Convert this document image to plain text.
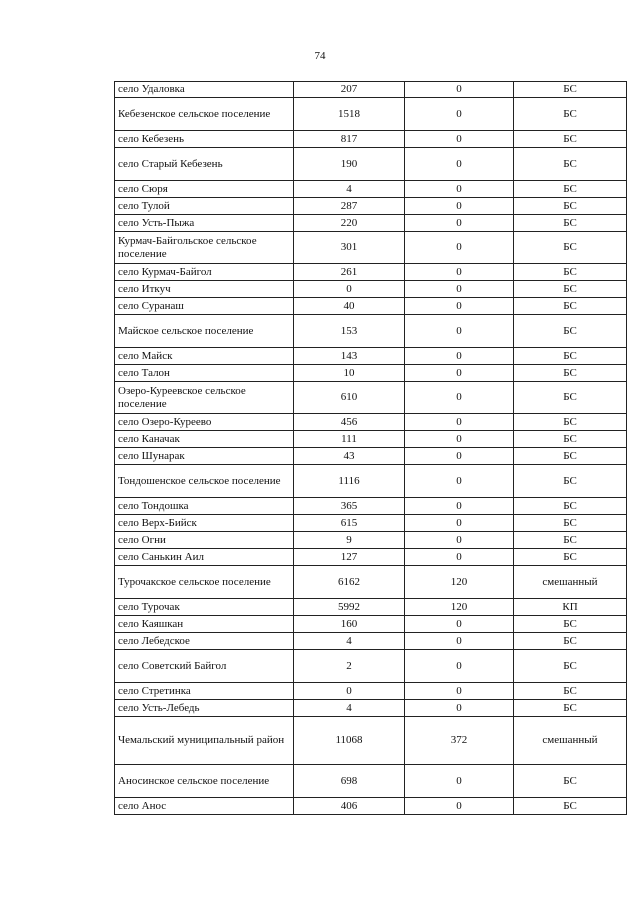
74
село Удаловка	207	0	БС
Кебезенское сельское поселение	1518	0	БС
село Кебезень	817	0	БС
село Старый Кебезень	190	0	БС
село Сюря	4	0	БС
село Тулой	287	0	БС
село Усть-Пыжа	220	0	БС
Курмач-Байгольское сельское поселение	301	0	БС
село Курмач-Байгол	261	0	БС
село Иткуч	0	0	БС
село Суранаш	40	0	БС
Майское сельское поселение	153	0	БС
село Майск	143	0	БС
село Талон	10	0	БС
Озеро-Куреевское сельское поселение	610	0	БС
село Озеро-Куреево	456	0	БС
село Каначак	111	0	БС
село Шунарак	43	0	БС
Тондошенское сельское поселение	1116	0	БС
село Тондошка	365	0	БС
село Верх-Бийск	615	0	БС
село Огни	9	0	БС
село Санькин Аил	127	0	БС
Турочакское сельское поселение	6162	120	смешанный
село Турочак	5992	120	КП
село Каяшкан	160	0	БС
село Лебедское	4	0	БС
село Советский Байгол	2	0	БС
село Стретинка	0	0	БС
село Усть-Лебедь	4	0	БС
Чемальский муниципальный район	11068	372	смешанный
Аносинское сельское поселение	698	0	БС
село Анос	406	0	БС
